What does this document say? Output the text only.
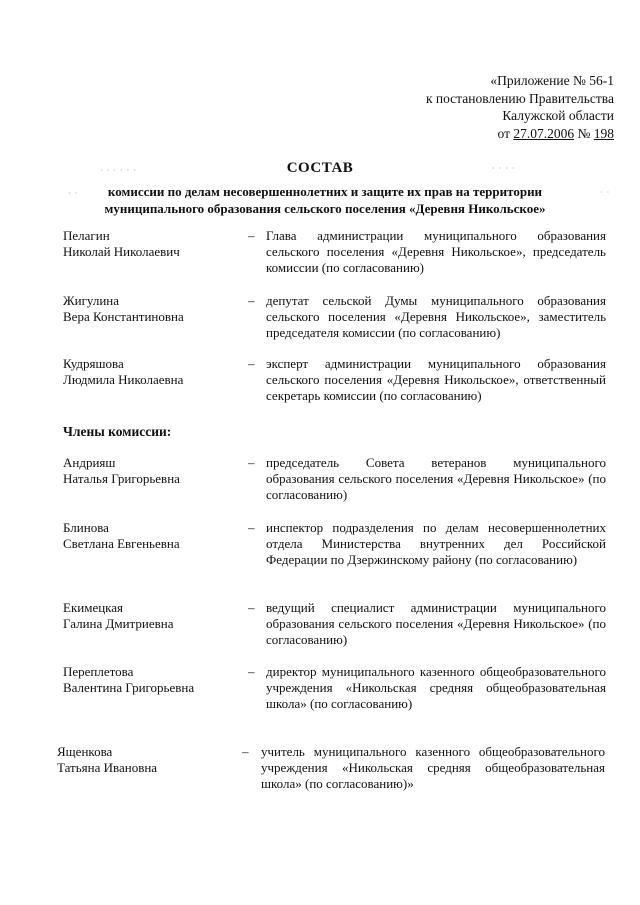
«Приложение № 56-1
к постановлению Правительства
Калужской области
от 27.07.2006 № 198
· · · · · ·	· · · ·
· ·	· ·
СОСТАВ
комиссии по делам несовершеннолетних и защите их прав на территории
муниципального образования сельского поселения «Деревня Никольское»
Пелагин
Николай Николаевич
– Глава администрации муниципального образования сельского поселения «Деревня Никольское», председатель комиссии (по согласованию)
Жигулина
Вера Константиновна
– депутат сельской Думы муниципального образования сельского поселения «Деревня Никольское», заместитель председателя комиссии (по согласованию)
Кудряшова
Людмила Николаевна
– эксперт администрации муниципального образования сельского поселения «Деревня Никольское», ответственный секретарь комиссии (по согласованию)
Члены комиссии:
Андрияш
Наталья Григорьевна
– председатель Совета ветеранов муниципального образования сельского поселения «Деревня Никольское» (по согласованию)
Блинова
Светлана Евгеньевна
– инспектор подразделения по делам несовершеннолетних отдела Министерства внутренних дел Российской Федерации по Дзержинскому району (по согласованию)
Екимецкая
Галина Дмитриевна
– ведущий специалист администрации муниципального образования сельского поселения «Деревня Никольское» (по согласованию)
Переплетова
Валентина Григорьевна
– директор муниципального казенного общеобразовательного учреждения «Никольская средняя общеобразовательная школа» (по согласованию)
Ященкова
Татьяна Ивановна
– учитель муниципального казенного общеобразовательного учреждения «Никольская средняя общеобразовательная школа» (по согласованию)»
